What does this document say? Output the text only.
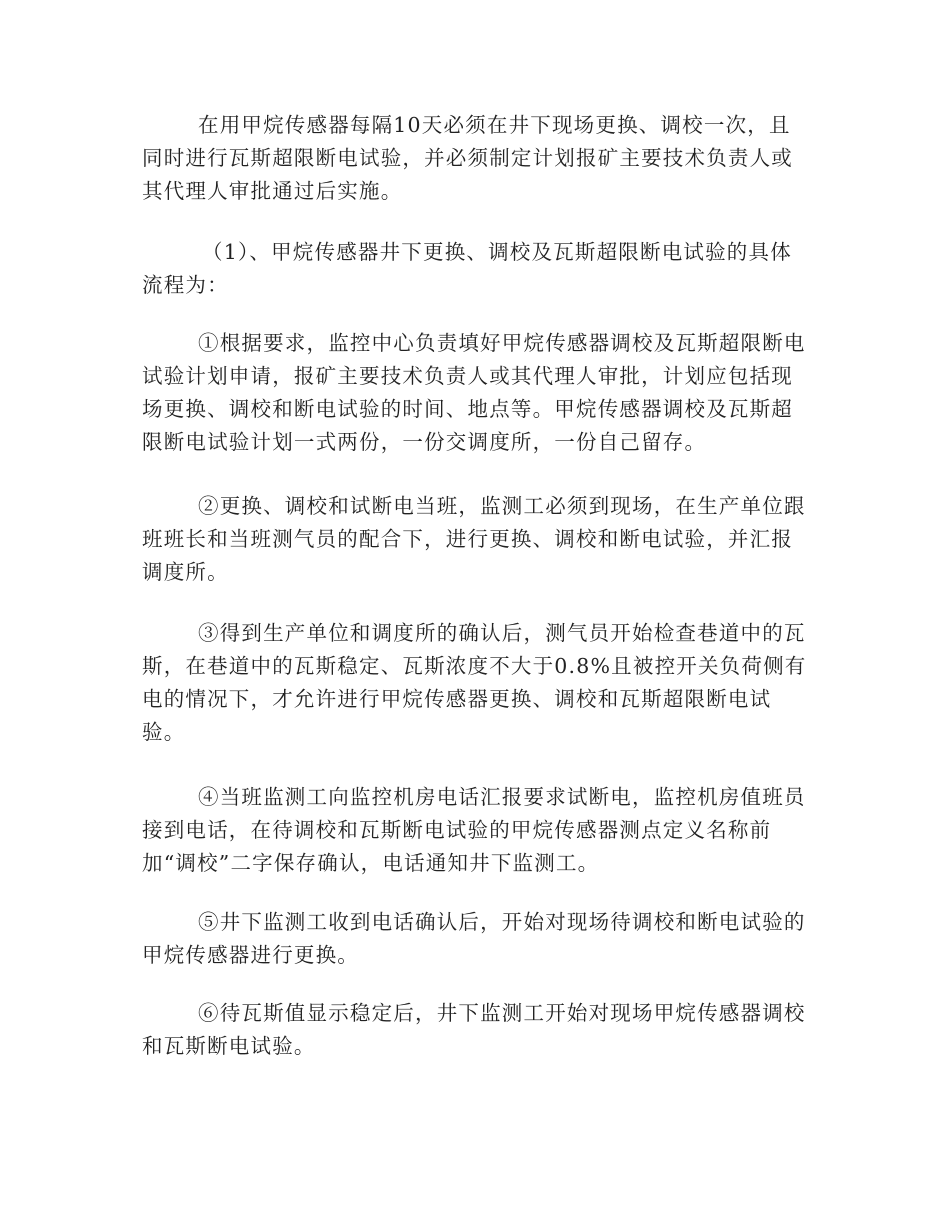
在用甲烷传感器每隔10天必须在井下现场更换、调校一次，且
同时进行瓦斯超限断电试验，并必须制定计划报矿主要技术负责人或
其代理人审批通过后实施。
（1）、甲烷传感器井下更换、调校及瓦斯超限断电试验的具体
流程为：
①根据要求，监控中心负责填好甲烷传感器调校及瓦斯超限断电
试验计划申请，报矿主要技术负责人或其代理人审批，计划应包括现
场更换、调校和断电试验的时间、地点等。甲烷传感器调校及瓦斯超
限断电试验计划一式两份，一份交调度所，一份自己留存。
②更换、调校和试断电当班，监测工必须到现场，在生产单位跟
班班长和当班测气员的配合下，进行更换、调校和断电试验，并汇报
调度所。
③得到生产单位和调度所的确认后，测气员开始检查巷道中的瓦
斯，在巷道中的瓦斯稳定、瓦斯浓度不大于0.8%且被控开关负荷侧有
电的情况下，才允许进行甲烷传感器更换、调校和瓦斯超限断电试
验。
④当班监测工向监控机房电话汇报要求试断电，监控机房值班员
接到电话，在待调校和瓦斯断电试验的甲烷传感器测点定义名称前
加“调校”二字保存确认，电话通知井下监测工。
⑤井下监测工收到电话确认后，开始对现场待调校和断电试验的
甲烷传感器进行更换。
⑥待瓦斯值显示稳定后，井下监测工开始对现场甲烷传感器调校
和瓦斯断电试验。
